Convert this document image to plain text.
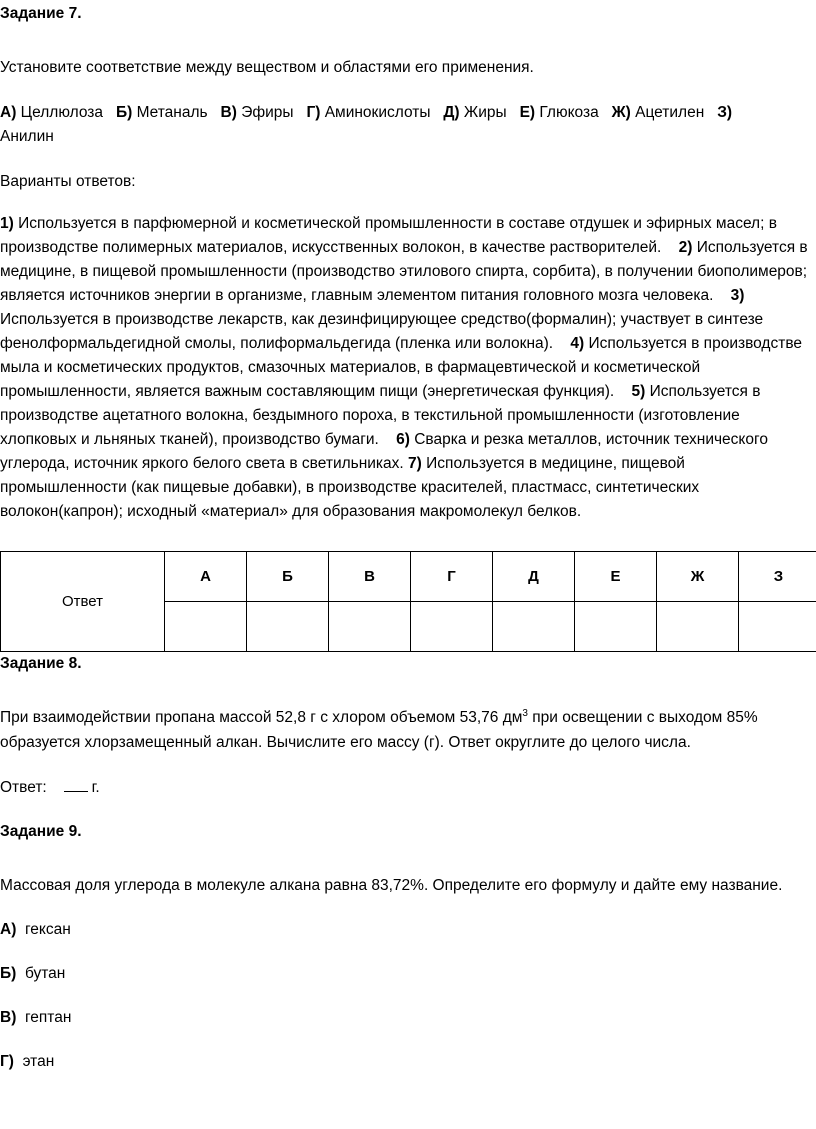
Задание 7.
Установите соответствие между веществом и областями его применения.
А) Целлюлоза Б) Метаналь В) Эфиры Г) Аминокислоты Д) Жиры Е) Глюкоза Ж) Ацетилен З)
Анилин
Варианты ответов:
1) Используется в парфюмерной и косметической промышленности в составе отдушек и эфирных масел; в производстве полимерных материалов, искусственных волокон, в качестве растворителей. 2) Используется в медицине, в пищевой промышленности (производство этилового спирта, сорбита), в получении биополимеров; является источников энергии в организме, главным элементом питания головного мозга человека. 3) Используется в производстве лекарств, как дезинфицирующее средство(формалин); участвует в синтезе фенолформальдегидной смолы, полиформальдегида (пленка или волокна). 4) Используется в производстве мыла и косметических продуктов, смазочных материалов, в фармацевтической и косметической промышленности, является важным составляющим пищи (энергетическая функция). 5) Используется в производстве ацетатного волокна, бездымного пороха, в текстильной промышленности (изготовление хлопковых и льняных тканей), производство бумаги. 6) Сварка и резка металлов, источник технического углерода, источник яркого белого света в светильниках. 7) Используется в медицине, пищевой промышленности (как пищевые добавки), в производстве красителей, пластмасс, синтетических волокон(капрон); исходный «материал» для образования макромолекул белков.
Ответ	А	Б	В	Г	Д	Е	Ж	З

Задание 8.
При взаимодействии пропана массой 52,8 г с хлором объемом 53,76 $дм^3$ при освещении с выходом 85%
образуется хлорзамещенный алкан. Вычислите его массу (г). Ответ округлите до целого числа.
Ответ:	г.
Задание 9.
Массовая доля углерода в молекуле алкана равна 83,72%. Определите его формулу и дайте ему название.
А) гексан
Б) бутан
В) гептан
Г) этан
